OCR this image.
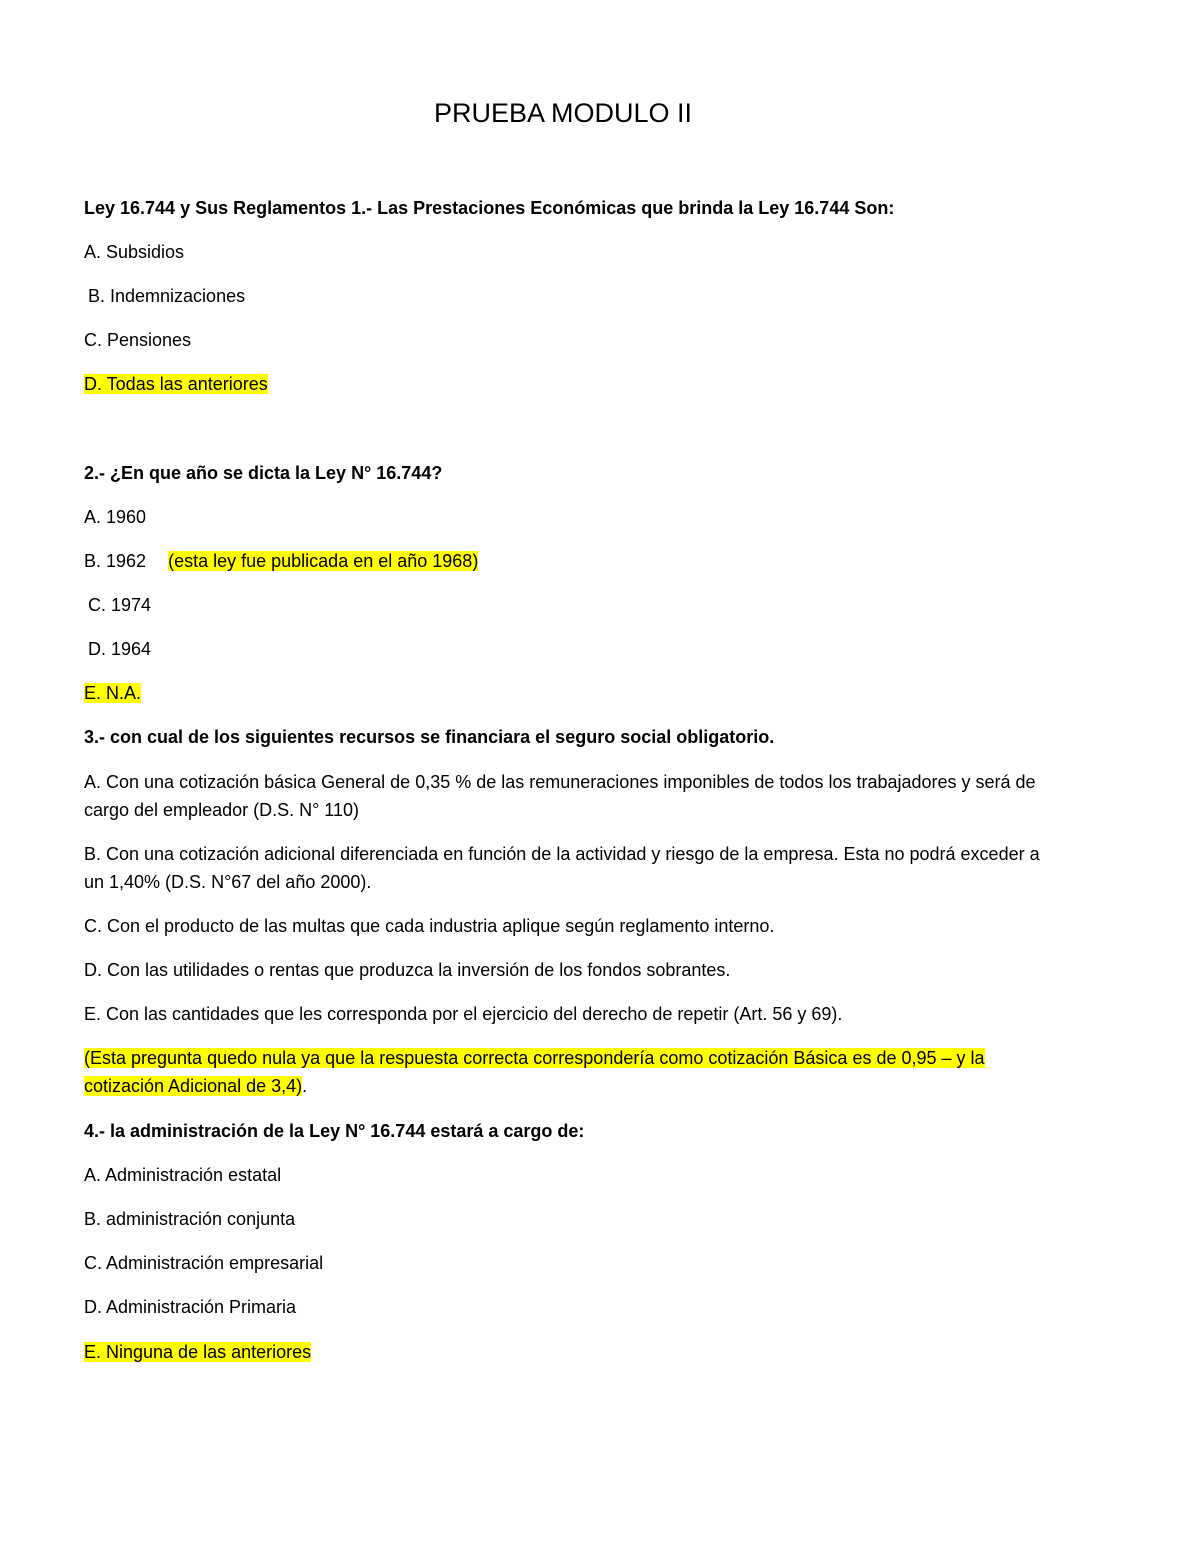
PRUEBA MODULO II
Ley 16.744 y Sus Reglamentos 1.- Las Prestaciones Económicas que brinda la Ley 16.744 Son:
A. Subsidios
B. Indemnizaciones
C. Pensiones
D. Todas las anteriores
2.- ¿En que año se dicta la Ley N° 16.744?
A. 1960
B. 1962 (esta ley fue publicada en el año 1968)
C. 1974
D. 1964
E. N.A.
3.- con cual de los siguientes recursos se financiara el seguro social obligatorio.
A. Con una cotización básica General de 0,35 % de las remuneraciones imponibles de todos los trabajadores y será de cargo del empleador (D.S. N° 110)
B. Con una cotización adicional diferenciada en función de la actividad y riesgo de la empresa. Esta no podrá exceder a un 1,40% (D.S. N°67 del año 2000).
C. Con el producto de las multas que cada industria aplique según reglamento interno.
D. Con las utilidades o rentas que produzca la inversión de los fondos sobrantes.
E. Con las cantidades que les corresponda por el ejercicio del derecho de repetir (Art. 56 y 69).
(Esta pregunta quedo nula ya que la respuesta correcta correspondería como cotización Básica es de 0,95 – y la cotización Adicional de 3,4).
4.- la administración de la Ley N° 16.744 estará a cargo de:
A. Administración estatal
B. administración conjunta
C. Administración empresarial
D. Administración Primaria
E. Ninguna de las anteriores
